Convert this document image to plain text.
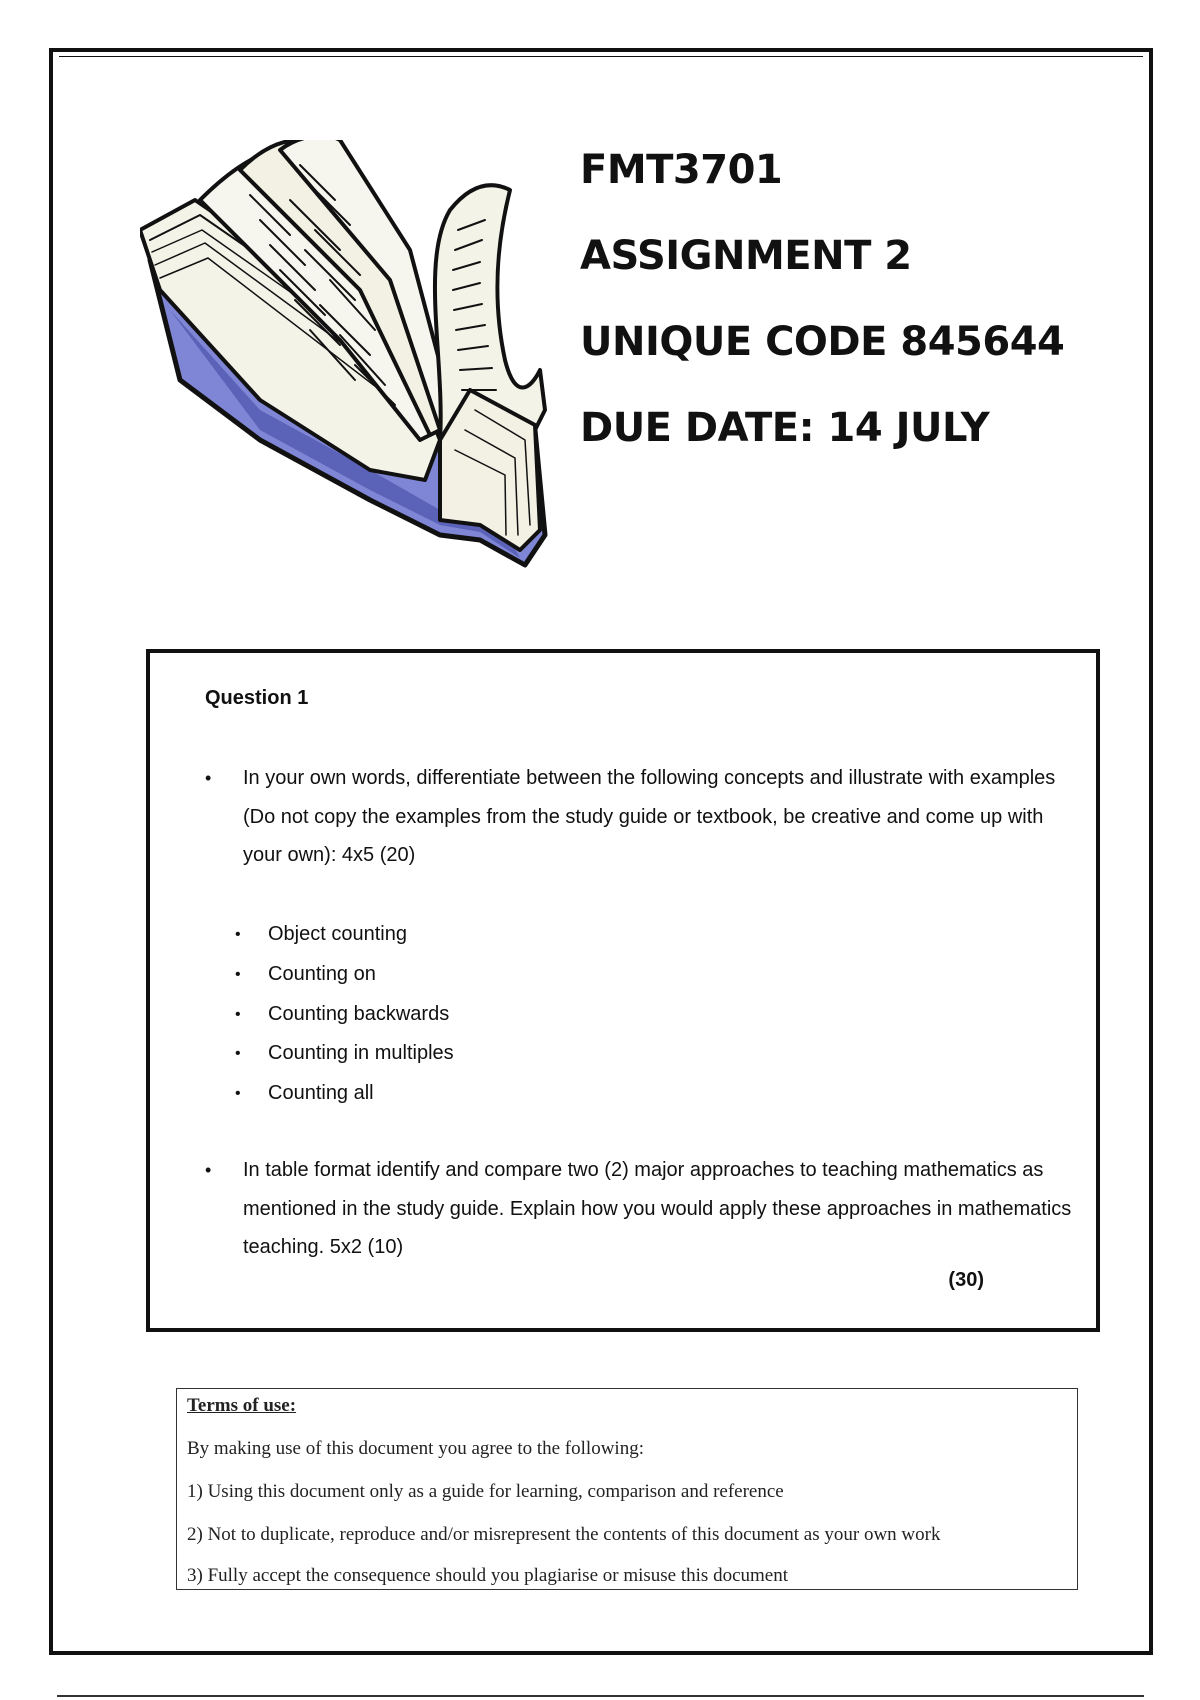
FMT3701
ASSIGNMENT 2
UNIQUE CODE 845644
DUE DATE: 14 JULY
Question 1
• In your own words, differentiate between the following concepts and illustrate with examples (Do not copy the examples from the study guide or textbook, be creative and come up with your own): 4x5 (20)
• Object counting
• Counting on
• Counting backwards
• Counting in multiples
• Counting all
• In table format identify and compare two (2) major approaches to teaching mathematics as mentioned in the study guide. Explain how you would apply these approaches in mathematics teaching. 5x2 (10)
(30)
Terms of use:
By making use of this document you agree to the following:
1) Using this document only as a guide for learning, comparison and reference
2) Not to duplicate, reproduce and/or misrepresent the contents of this document as your own work
3) Fully accept the consequence should you plagiarise or misuse this document
